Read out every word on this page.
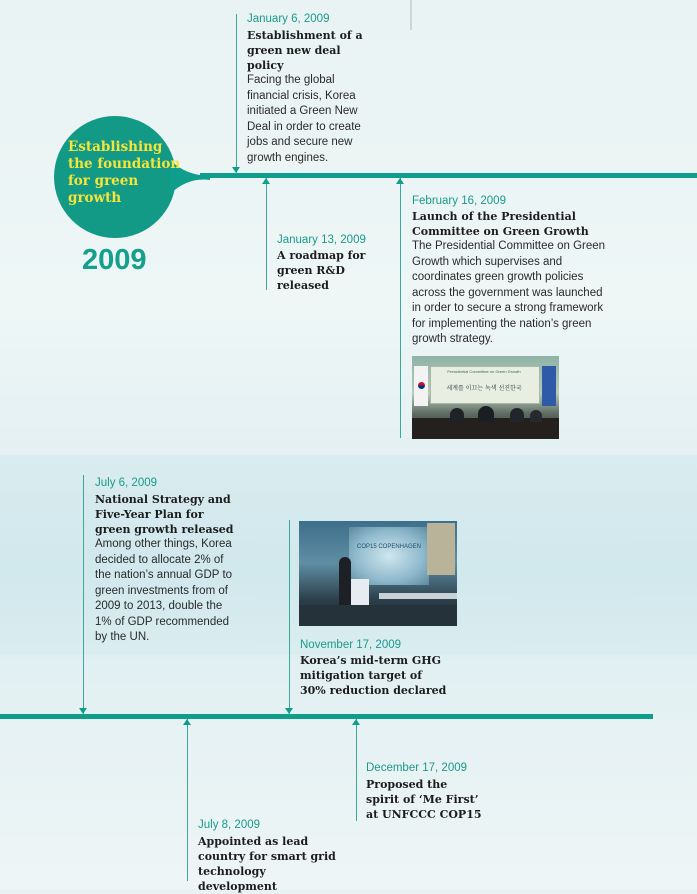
Establishing the foundation for green growth
2009
January 6, 2009
Establishment of a green new deal policy
Facing the global financial crisis, Korea initiated a Green New Deal in order to create jobs and secure new growth engines.
January 13, 2009
A roadmap for green R&D released
February 16, 2009
Launch of the Presidential Committee on Green Growth
The Presidential Committee on Green Growth which supervises and coordinates green growth policies across the government was launched in order to secure a strong framework for implementing the nation’s green growth strategy.
Presidential Committee on Green Growth
세계를 이끄는 녹색 선진한국
July 6, 2009
National Strategy and Five-Year Plan for green growth released
Among other things, Korea decided to allocate 2% of the nation’s annual GDP to green investments from of 2009 to 2013, double the 1% of GDP recommended by the UN.
COP15 COPENHAGEN
November 17, 2009
Korea’s mid-term GHG mitigation target of 30% reduction declared
December 17, 2009
Proposed the spirit of ‘Me First’ at UNFCCC COP15
July 8, 2009
Appointed as lead country for smart grid technology development
